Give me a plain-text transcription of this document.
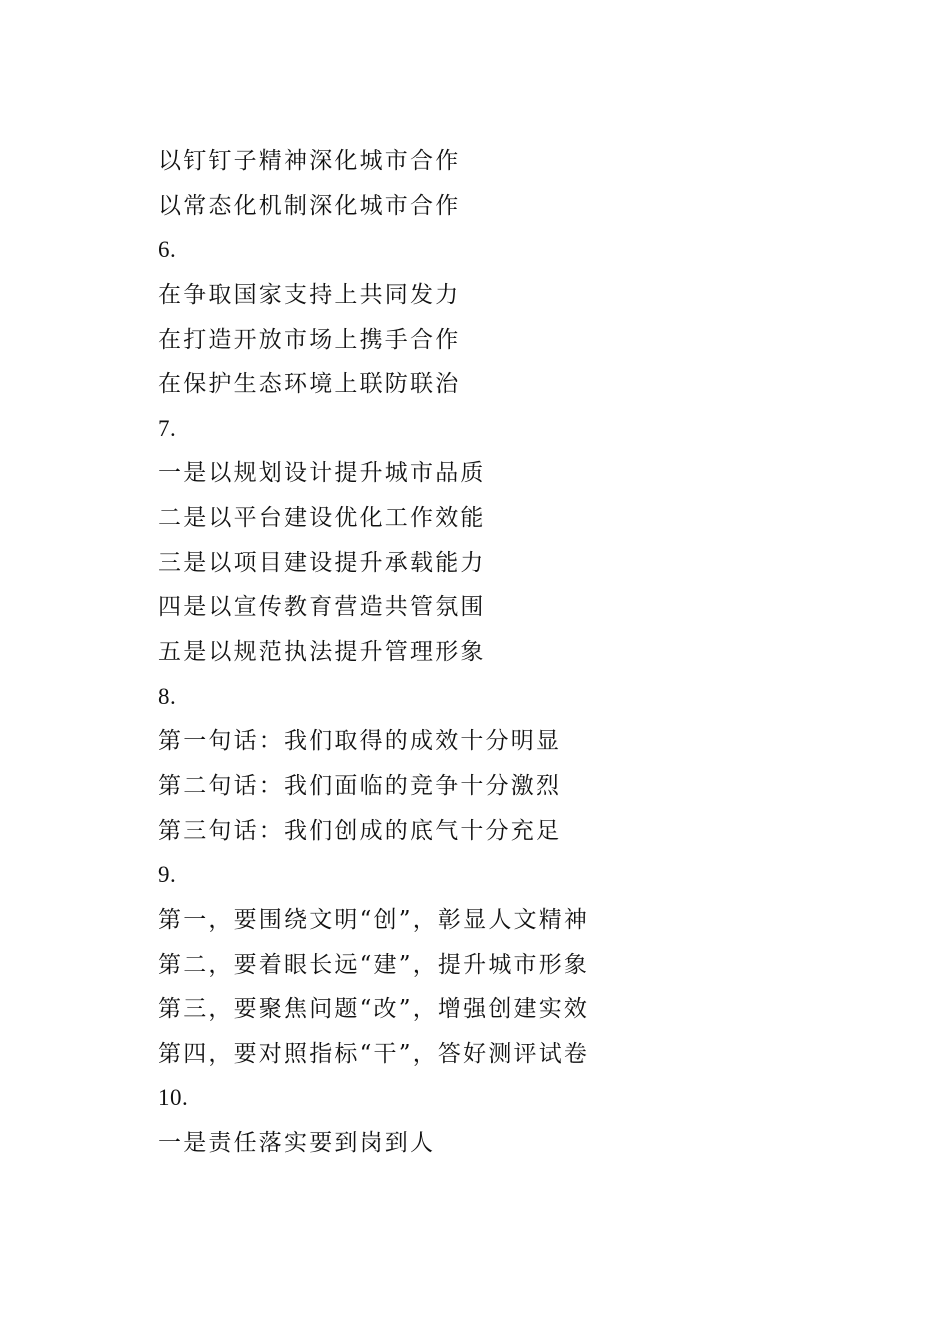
以钉钉子精神深化城市合作
以常态化机制深化城市合作
6.
在争取国家支持上共同发力
在打造开放市场上携手合作
在保护生态环境上联防联治
7.
一是以规划设计提升城市品质
二是以平台建设优化工作效能
三是以项目建设提升承载能力
四是以宣传教育营造共管氛围
五是以规范执法提升管理形象
8.
第一句话：我们取得的成效十分明显
第二句话：我们面临的竞争十分激烈
第三句话：我们创成的底气十分充足
9.
第一，要围绕文明“创”，彰显人文精神
第二，要着眼长远“建”，提升城市形象
第三，要聚焦问题“改”，增强创建实效
第四，要对照指标“干”，答好测评试卷
10.
一是责任落实要到岗到人
